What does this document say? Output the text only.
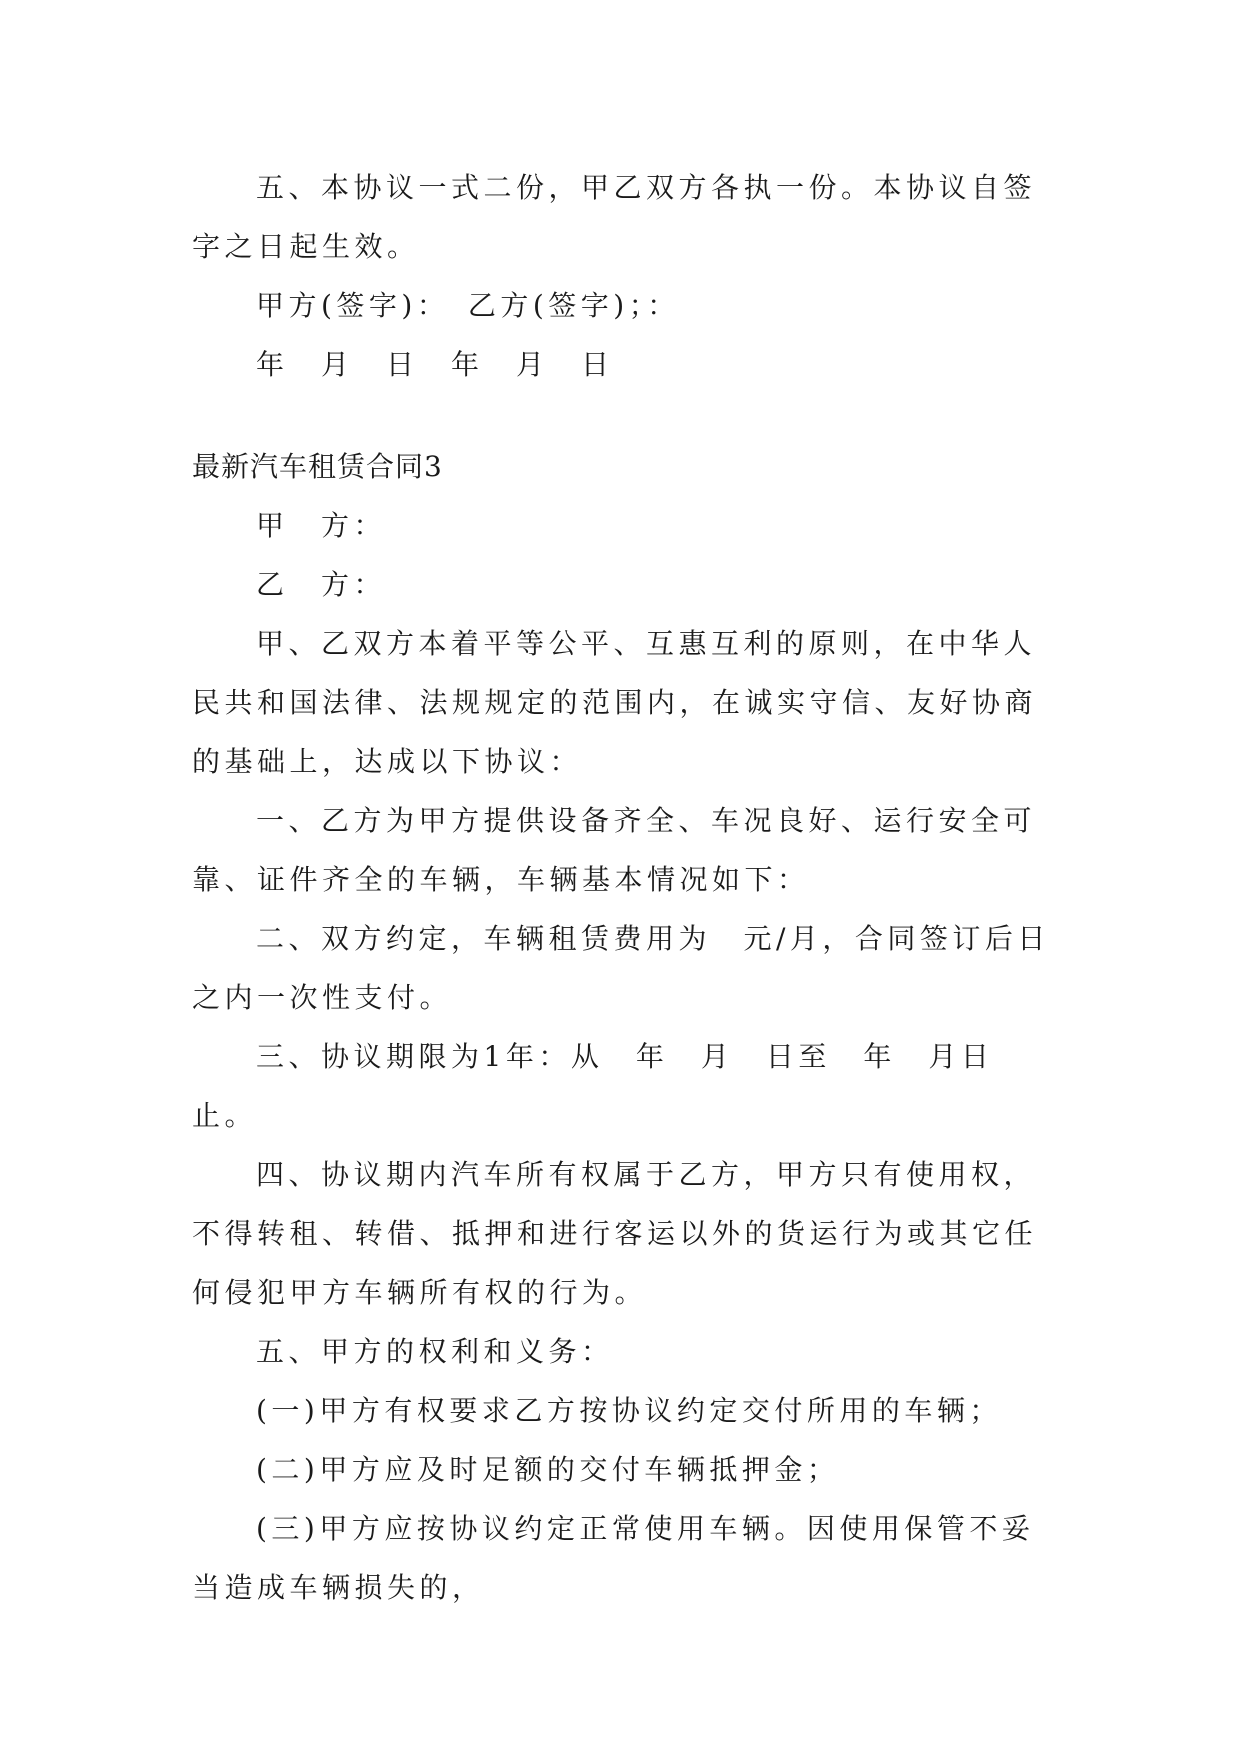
五、本协议一式二份，甲乙双方各执一份。本协议自签字之日起生效。

甲方(签字)：　乙方(签字)；：

年　月　日　年　月　日

最新汽车租赁合同3

甲　方：

乙　方：

甲、乙双方本着平等公平、互惠互利的原则，在中华人民共和国法律、法规规定的范围内，在诚实守信、友好协商的基础上，达成以下协议：

一、乙方为甲方提供设备齐全、车况良好、运行安全可靠、证件齐全的车辆，车辆基本情况如下：

二、双方约定，车辆租赁费用为　元/月，合同签订后日之内一次性支付。

三、协议期限为1年：从　年　月　日至　年　月日止。

四、协议期内汽车所有权属于乙方，甲方只有使用权，不得转租、转借、抵押和进行客运以外的货运行为或其它任何侵犯甲方车辆所有权的行为。

五、甲方的权利和义务：

(一)甲方有权要求乙方按协议约定交付所用的车辆；

(二)甲方应及时足额的交付车辆抵押金；

(三)甲方应按协议约定正常使用车辆。因使用保管不妥当造成车辆损失的，
